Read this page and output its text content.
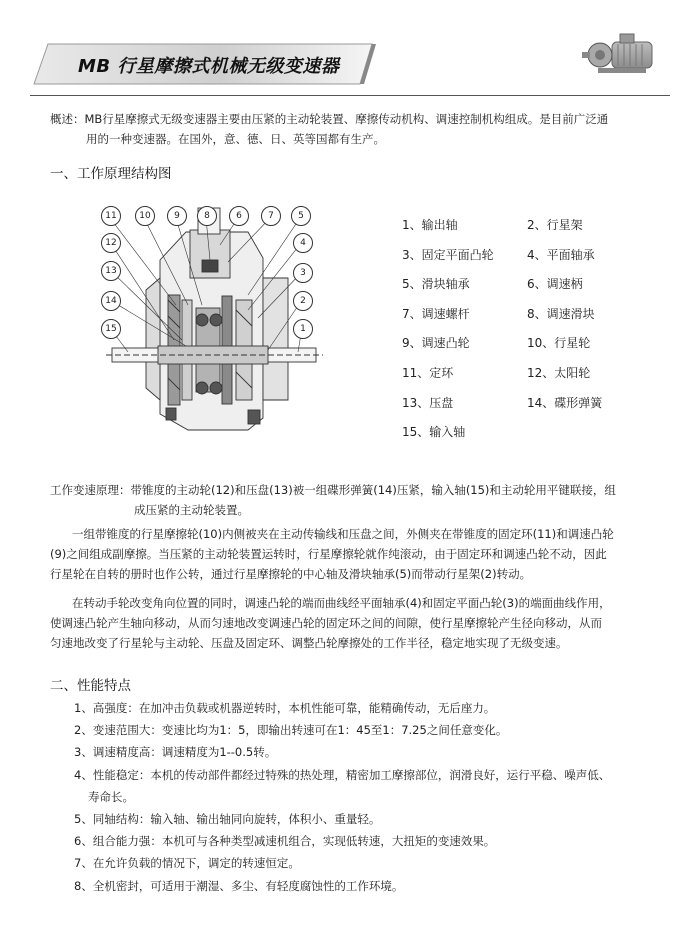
MB 行星摩擦式机械无级变速器
概述：MB行星摩擦式无级变速器主要由压紧的主动轮装置、摩擦传动机构、调速控制机构组成。是目前广泛通
用的一种变速器。在国外，意、德、日、英等国都有生产。
一、工作原理结构图
11	10	9	8	6	7	5
12
13
14
15
4
3
2
1
1、输出轴	2、行星架
3、固定平面凸轮	4、平面轴承
5、滑块轴承	6、调速柄
7、调速螺杆	8、调速滑块
9、调速凸轮	10、行星轮
11、定环	12、太阳轮
13、压盘	14、碟形弹簧
15、输入轴
工作变速原理：带锥度的主动轮(12)和压盘(13)被一组碟形弹簧(14)压紧，输入轴(15)和主动轮用平键联接，组
成压紧的主动轮装置。
一组带锥度的行星摩擦轮(10)内侧被夹在主动传输线和压盘之间，外侧夹在带锥度的固定环(11)和调速凸轮
(9)之间组成副摩擦。当压紧的主动轮装置运转时，行星摩擦轮就作纯滚动，由于固定环和调速凸轮不动，因此
行星轮在自转的册时也作公转，通过行星摩擦轮的中心轴及滑块轴承(5)而带动行星架(2)转动。
在转动手轮改变角向位置的同时，调速凸轮的端而曲线经平面轴承(4)和固定平面凸轮(3)的端面曲线作用，
使调速凸轮产生轴向移动，从而匀速地改变调速凸轮的固定环之间的间隙，使行星摩擦轮产生径向移动，从而
匀速地改变了行星轮与主动轮、压盘及固定环、调整凸轮摩擦处的工作半径，稳定地实现了无级变速。
二、性能特点
1、高强度：在加冲击负载或机器逆转时，本机性能可靠，能精确传动，无后座力。
2、变速范围大：变速比均为1：5，即输出转速可在1：45至1：7.25之间任意变化。
3、调速精度高：调速精度为1--0.5转。
4、性能稳定：本机的传动部件都经过特殊的热处理，精密加工摩擦部位，润滑良好，运行平稳、噪声低、
寿命长。
5、同轴结构：输入轴、输出轴同向旋转，体积小、重量轻。
6、组合能力强：本机可与各种类型减速机组合，实现低转速，大扭矩的变速效果。
7、在允许负载的情况下，调定的转速恒定。
8、全机密封，可适用于潮湿、多尘、有轻度腐蚀性的工作环境。
